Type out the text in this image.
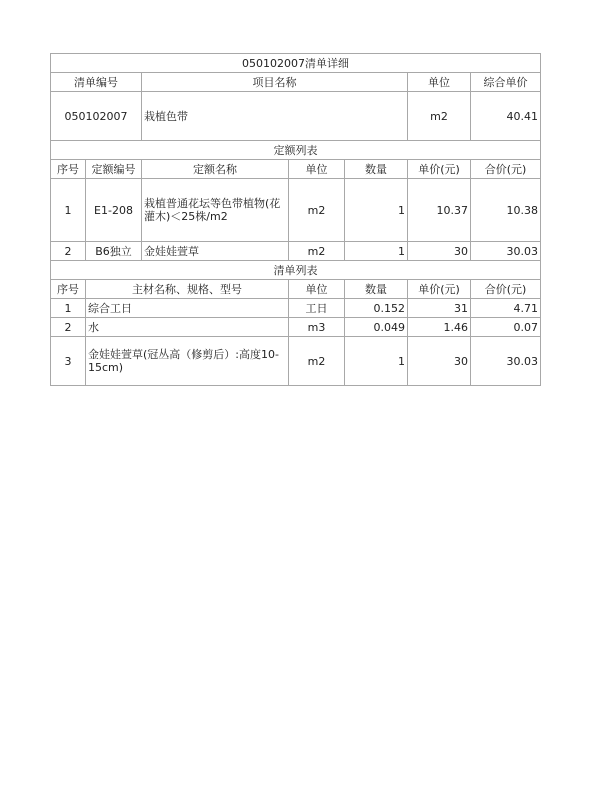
050102007清单详细						
清单编号		项目名称			单位	综合单价
050102007		栽植色带			m2	40.41
定额列表						
序号	定额编号	定额名称	单位	数量	单价(元)	合价(元)
1	E1-208	栽植普通花坛等色带植物(花灌木)＜25株/m2	m2	1	10.37	10.38
2	B6独立	金娃娃萱草	m2	1	30	30.03
清单列表						
序号	主材名称、规格、型号		单位	数量	单价(元)	合价(元)
1	综合工日		工日	0.152	31	4.71
2	水		m3	0.049	1.46	0.07
3	金娃娃萱草(冠丛高（修剪后）:高度10-15cm)		m2	1	30	30.03
